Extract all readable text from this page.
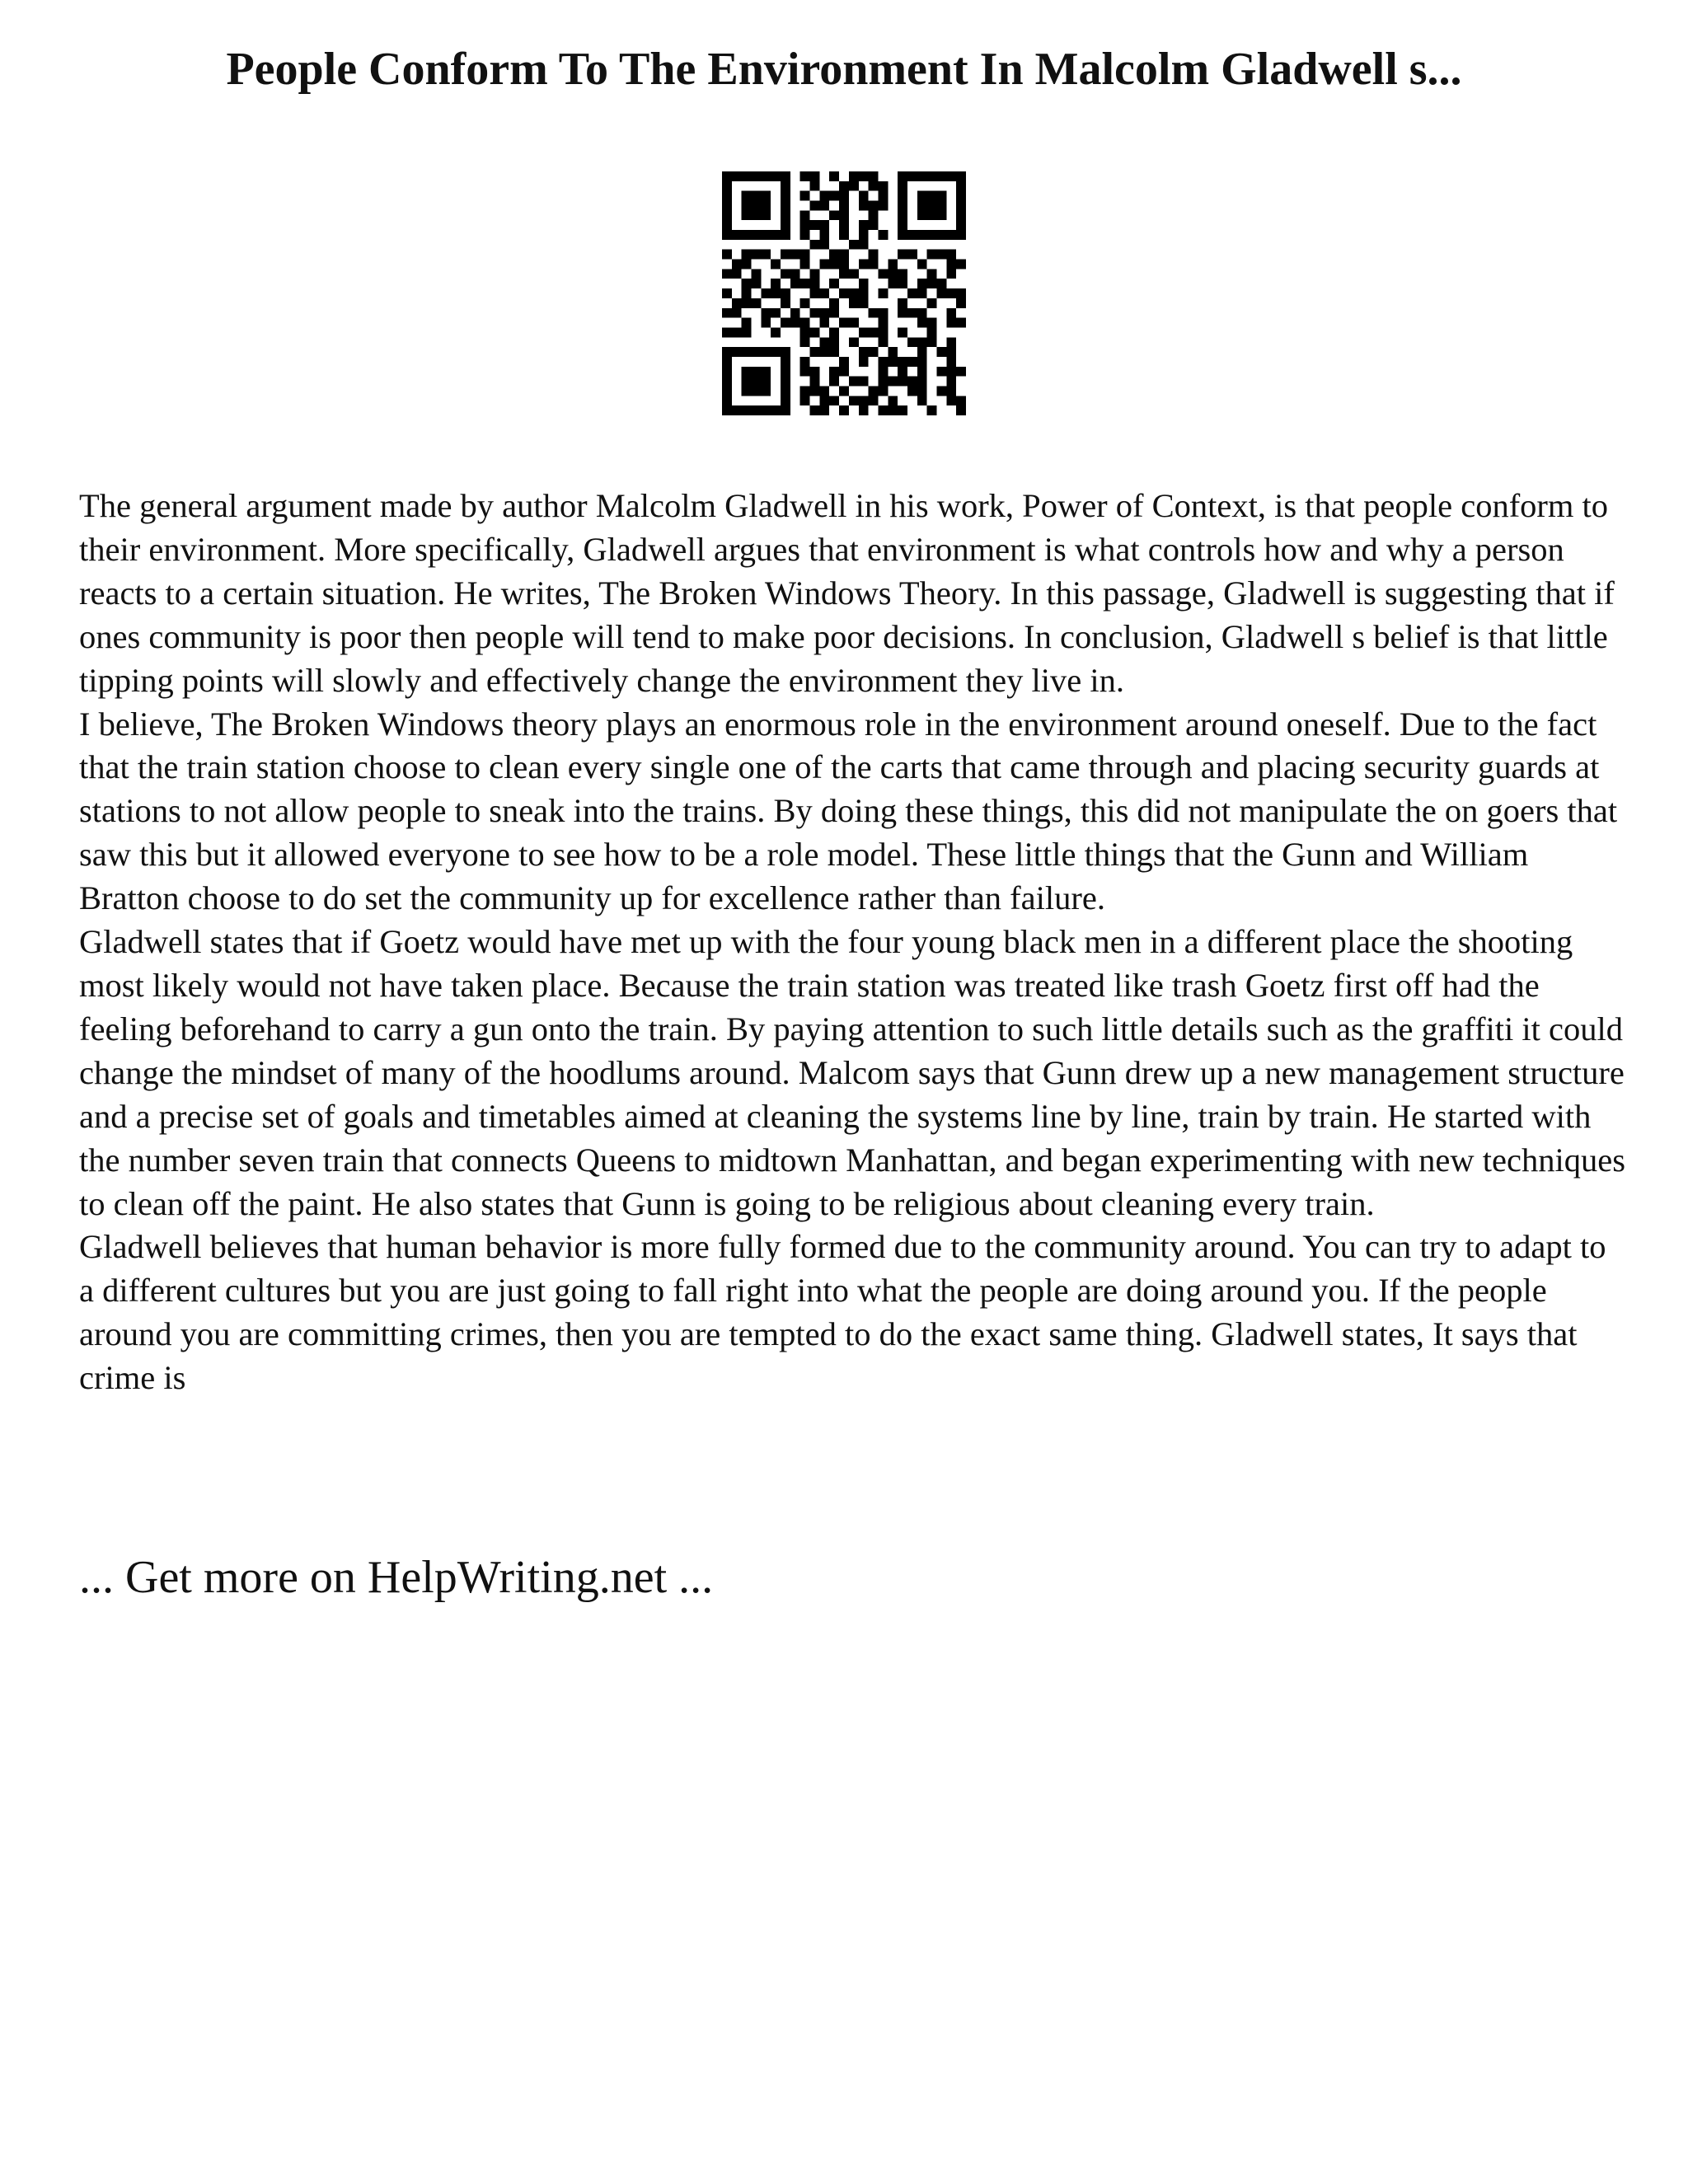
People Conform To The Environment In Malcolm Gladwell s...

The general argument made by author Malcolm Gladwell in his work, Power of Context, is that people conform to their environment. More specifically, Gladwell argues that environment is what controls how and why a person reacts to a certain situation. He writes, The Broken Windows Theory. In this passage, Gladwell is suggesting that if ones community is poor then people will tend to make poor decisions. In conclusion, Gladwell s belief is that little tipping points will slowly and effectively change the environment they live in.

I believe, The Broken Windows theory plays an enormous role in the environment around oneself. Due to the fact that the train station choose to clean every single one of the carts that came through and placing security guards at stations to not allow people to sneak into the trains. By doing these things, this did not manipulate the on goers that saw this but it allowed everyone to see how to be a role model. These little things that the Gunn and William Bratton choose to do set the community up for excellence rather than failure.

Gladwell states that if Goetz would have met up with the four young black men in a different place the shooting most likely would not have taken place. Because the train station was treated like trash Goetz first off had the feeling beforehand to carry a gun onto the train. By paying attention to such little details such as the graffiti it could change the mindset of many of the hoodlums around. Malcom says that Gunn drew up a new management structure and a precise set of goals and timetables aimed at cleaning the systems line by line, train by train. He started with the number seven train that connects Queens to midtown Manhattan, and began experimenting with new techniques to clean off the paint. He also states that Gunn is going to be religious about cleaning every train.

Gladwell believes that human behavior is more fully formed due to the community around. You can try to adapt to a different cultures but you are just going to fall right into what the people are doing around you. If the people around you are committing crimes, then you are tempted to do the exact same thing. Gladwell states, It says that crime is

... Get more on HelpWriting.net ...
